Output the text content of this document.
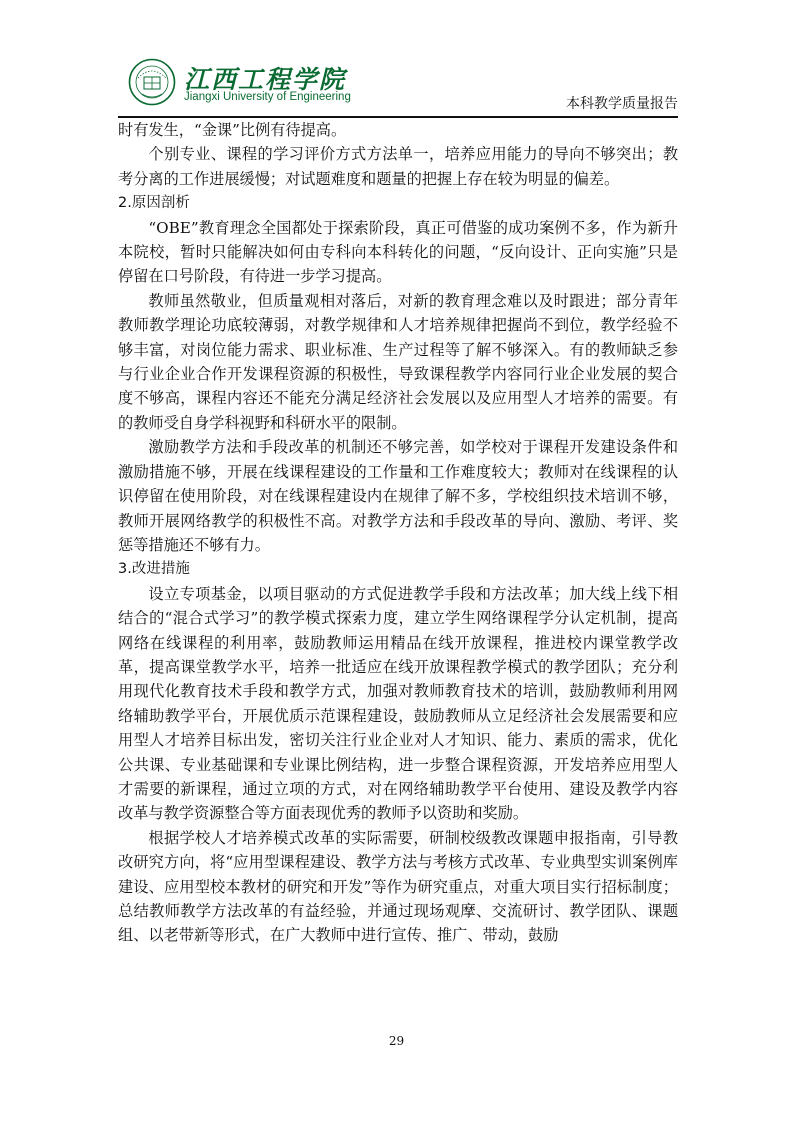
江西工程学院
Jiangxi University of Engineering	本科教学质量报告

时有发生，“金课”比例有待提高。

个别专业、课程的学习评价方式方法单一，培养应用能力的导向不够突出；教考分离的工作进展缓慢；对试题难度和题量的把握上存在较为明显的偏差。

2.原因剖析

“OBE”教育理念全国都处于探索阶段，真正可借鉴的成功案例不多，作为新升本院校，暂时只能解决如何由专科向本科转化的问题，“反向设计、正向实施”只是停留在口号阶段，有待进一步学习提高。

教师虽然敬业，但质量观相对落后，对新的教育理念难以及时跟进；部分青年教师教学理论功底较薄弱，对教学规律和人才培养规律把握尚不到位，教学经验不够丰富，对岗位能力需求、职业标准、生产过程等了解不够深入。有的教师缺乏参与行业企业合作开发课程资源的积极性，导致课程教学内容同行业企业发展的契合度不够高，课程内容还不能充分满足经济社会发展以及应用型人才培养的需要。有的教师受自身学科视野和科研水平的限制。

激励教学方法和手段改革的机制还不够完善，如学校对于课程开发建设条件和激励措施不够，开展在线课程建设的工作量和工作难度较大；教师对在线课程的认识停留在使用阶段，对在线课程建设内在规律了解不多，学校组织技术培训不够，教师开展网络教学的积极性不高。对教学方法和手段改革的导向、激励、考评、奖惩等措施还不够有力。

3.改进措施

设立专项基金，以项目驱动的方式促进教学手段和方法改革；加大线上线下相结合的“混合式学习”的教学模式探索力度，建立学生网络课程学分认定机制，提高网络在线课程的利用率，鼓励教师运用精品在线开放课程，推进校内课堂教学改革，提高课堂教学水平，培养一批适应在线开放课程教学模式的教学团队；充分利用现代化教育技术手段和教学方式，加强对教师教育技术的培训，鼓励教师利用网络辅助教学平台，开展优质示范课程建设，鼓励教师从立足经济社会发展需要和应用型人才培养目标出发，密切关注行业企业对人才知识、能力、素质的需求，优化公共课、专业基础课和专业课比例结构，进一步整合课程资源，开发培养应用型人才需要的新课程，通过立项的方式，对在网络辅助教学平台使用、建设及教学内容改革与教学资源整合等方面表现优秀的教师予以资助和奖励。

根据学校人才培养模式改革的实际需要，研制校级教改课题申报指南，引导教改研究方向，将“应用型课程建设、教学方法与考核方式改革、专业典型实训案例库建设、应用型校本教材的研究和开发”等作为研究重点，对重大项目实行招标制度；总结教师教学方法改革的有益经验，并通过现场观摩、交流研讨、教学团队、课题组、以老带新等形式，在广大教师中进行宣传、推广、带动，鼓励

29
